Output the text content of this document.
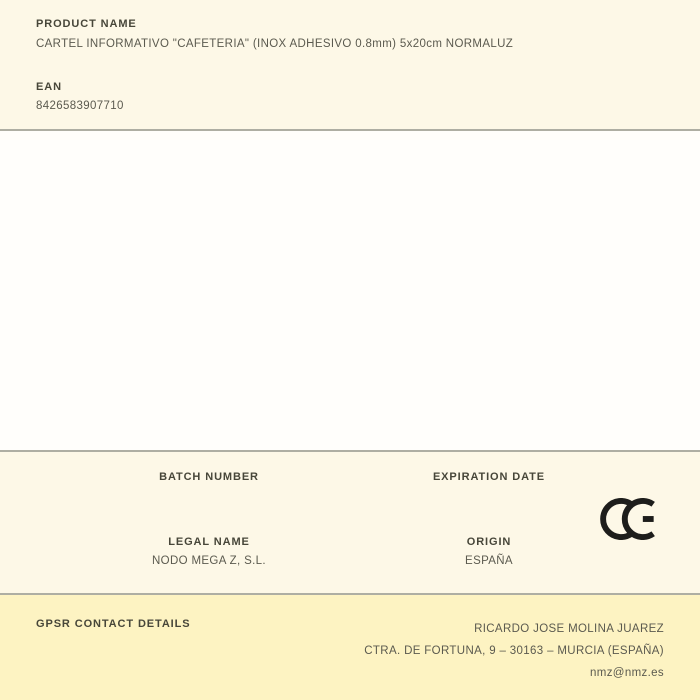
PRODUCT NAME
CARTEL INFORMATIVO "CAFETERIA" (INOX ADHESIVO 0.8mm) 5x20cm NORMALUZ
EAN
8426583907710
BATCH NUMBER
LEGAL NAME
NODO MEGA Z, S.L.
EXPIRATION DATE
ORIGIN
ESPAÑA
GPSR CONTACT DETAILS	RICARDO JOSE MOLINA JUAREZ
CTRA. DE FORTUNA, 9 – 30163 – MURCIA (ESPAÑA)
nmz@nmz.es
